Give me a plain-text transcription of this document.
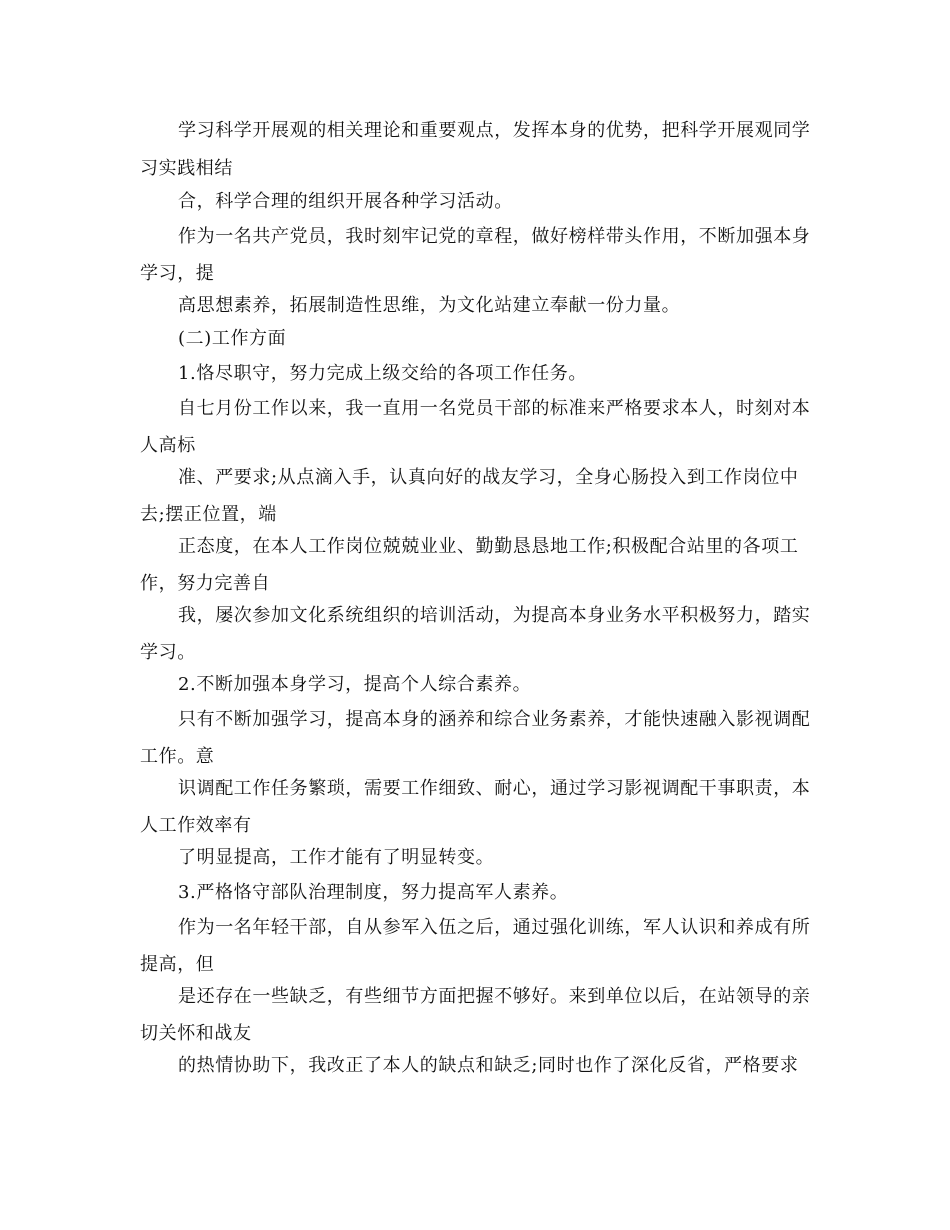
学习科学开展观的相关理论和重要观点，发挥本身的优势，把科学开展观同学
习实践相结
合，科学合理的组织开展各种学习活动。
作为一名共产党员，我时刻牢记党的章程，做好榜样带头作用，不断加强本身
学习，提
高思想素养，拓展制造性思维，为文化站建立奉献一份力量。
(二)工作方面
1.恪尽职守，努力完成上级交给的各项工作任务。
自七月份工作以来，我一直用一名党员干部的标准来严格要求本人，时刻对本
人高标
准、严要求;从点滴入手，认真向好的战友学习，全身心肠投入到工作岗位中
去;摆正位置，端
正态度，在本人工作岗位兢兢业业、勤勤恳恳地工作;积极配合站里的各项工
作，努力完善自
我，屡次参加文化系统组织的培训活动，为提高本身业务水平积极努力，踏实
学习。
2.不断加强本身学习，提高个人综合素养。
只有不断加强学习，提高本身的涵养和综合业务素养，才能快速融入影视调配
工作。意
识调配工作任务繁琐，需要工作细致、耐心，通过学习影视调配干事职责，本
人工作效率有
了明显提高，工作才能有了明显转变。
3.严格恪守部队治理制度，努力提高军人素养。
作为一名年轻干部，自从参军入伍之后，通过强化训练，军人认识和养成有所
提高，但
是还存在一些缺乏，有些细节方面把握不够好。来到单位以后，在站领导的亲
切关怀和战友
的热情协助下，我改正了本人的缺点和缺乏;同时也作了深化反省，严格要求
